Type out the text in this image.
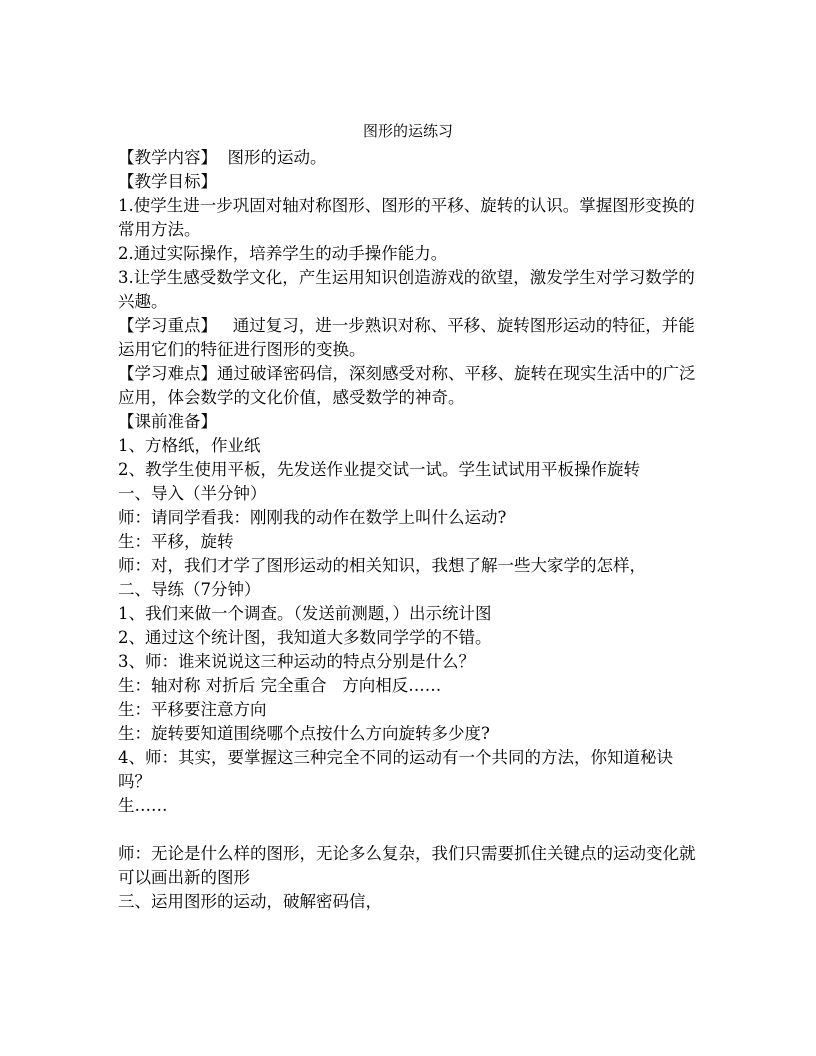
图形的运练习

【教学内容】  图形的运动。

【教学目标】

1.使学生进一步巩固对轴对称图形、图形的平移、旋转的认识。掌握图形变换的常用方法。

2.通过实际操作，培养学生的动手操作能力。

3.让学生感受数学文化，产生运用知识创造游戏的欲望，激发学生对学习数学的兴趣。

【学习重点】   通过复习，进一步熟识对称、平移、旋转图形运动的特征，并能运用它们的特征进行图形的变换。

【学习难点】通过破译密码信，深刻感受对称、平移、旋转在现实生活中的广泛应用，体会数学的文化价值，感受数学的神奇。

【课前准备】

1、方格纸，作业纸

2、教学生使用平板，先发送作业提交试一试。学生试试用平板操作旋转

一、导入（半分钟）

师：请同学看我：刚刚我的动作在数学上叫什么运动?

生：平移，旋转

师：对，我们才学了图形运动的相关知识，我想了解一些大家学的怎样，

二、导练（7分钟）

1、我们来做一个调查。（发送前测题，）出示统计图

2、通过这个统计图，我知道大多数同学学的不错。

3、师：谁来说说这三种运动的特点分别是什么？

生：轴对称 对折后 完全重合   方向相反……

生：平移要注意方向

生：旋转要知道围绕哪个点按什么方向旋转多少度?

4、师：其实，要掌握这三种完全不同的运动有一个共同的方法，你知道秘诀吗？

生……

师：无论是什么样的图形，无论多么复杂，我们只需要抓住关键点的运动变化就可以画出新的图形

三、运用图形的运动，破解密码信，
